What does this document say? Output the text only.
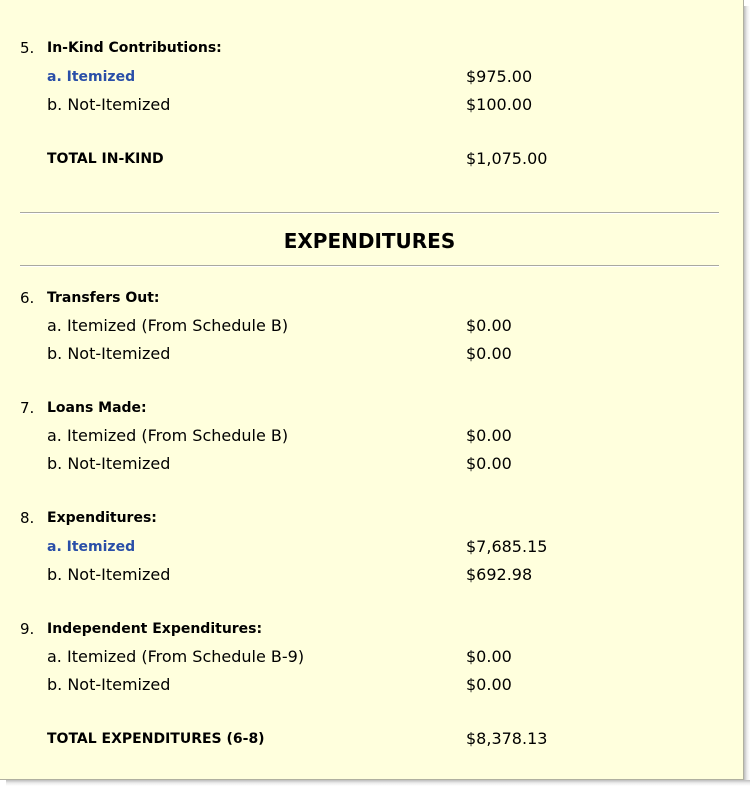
5. In-Kind Contributions:
a. Itemized	$975.00
b. Not-Itemized	$100.00
TOTAL IN-KIND	$1,075.00
EXPENDITURES
6. Transfers Out:
a. Itemized (From Schedule B)	$0.00
b. Not-Itemized	$0.00
7. Loans Made:
a. Itemized (From Schedule B)	$0.00
b. Not-Itemized	$0.00
8. Expenditures:
a. Itemized	$7,685.15
b. Not-Itemized	$692.98
9. Independent Expenditures:
a. Itemized (From Schedule B-9)	$0.00
b. Not-Itemized	$0.00
TOTAL EXPENDITURES (6-8)	$8,378.13
